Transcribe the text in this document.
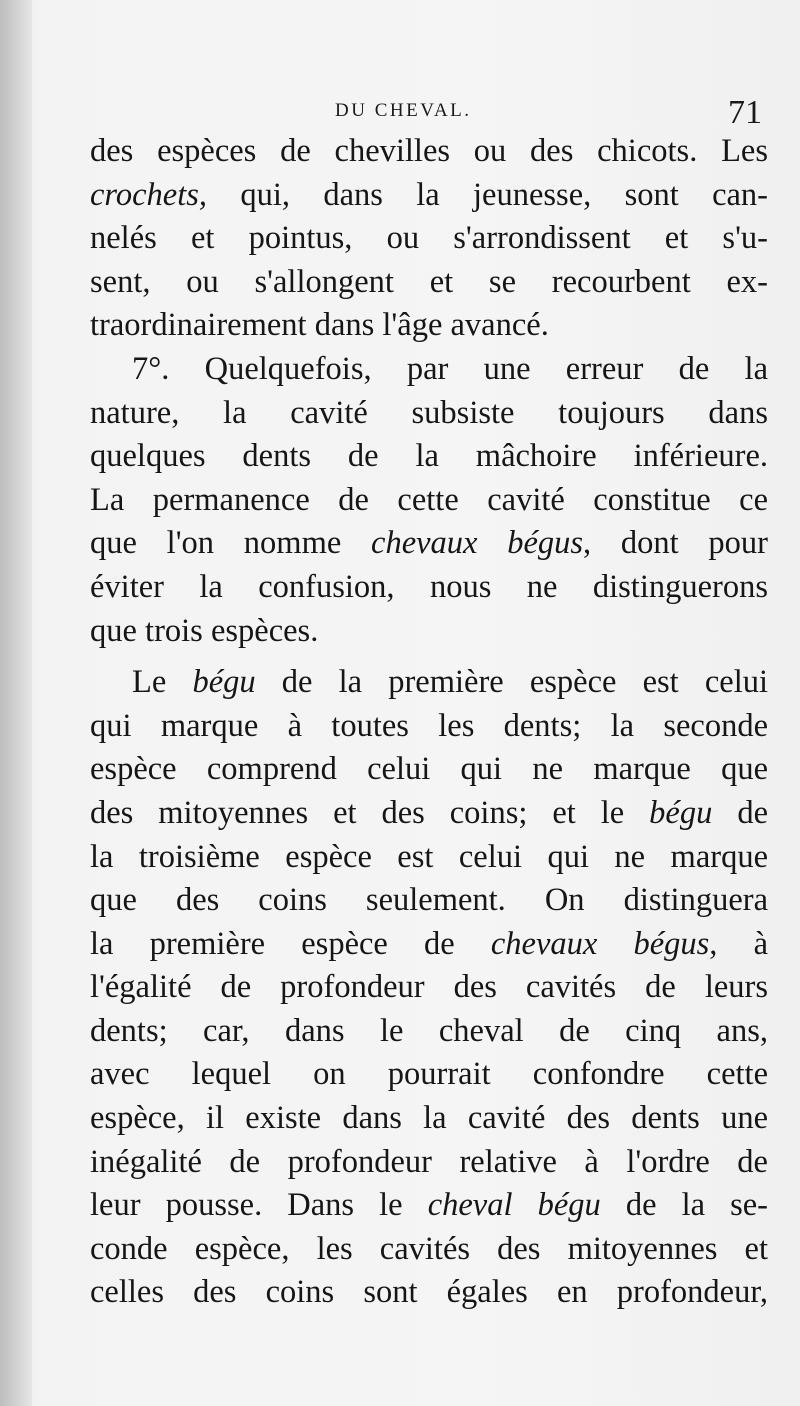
DU CHEVAL.	71
des espèces de chevilles ou des chicots. Les
crochets, qui, dans la jeunesse, sont can-
nelés et pointus, ou s'arrondissent et s'u-
sent, ou s'allongent et se recourbent ex-
traordinairement dans l'âge avancé.
7°. Quelquefois, par une erreur de la
nature, la cavité subsiste toujours dans
quelques dents de la mâchoire inférieure.
La permanence de cette cavité constitue ce
que l'on nomme chevaux bégus, dont pour
éviter la confusion, nous ne distinguerons
que trois espèces.
Le bégu de la première espèce est celui
qui marque à toutes les dents; la seconde
espèce comprend celui qui ne marque que
des mitoyennes et des coins; et le bégu de
la troisième espèce est celui qui ne marque
que des coins seulement. On distinguera
la première espèce de chevaux bégus, à
l'égalité de profondeur des cavités de leurs
dents; car, dans le cheval de cinq ans,
avec lequel on pourrait confondre cette
espèce, il existe dans la cavité des dents une
inégalité de profondeur relative à l'ordre de
leur pousse. Dans le cheval bégu de la se-
conde espèce, les cavités des mitoyennes et
celles des coins sont égales en profondeur,
